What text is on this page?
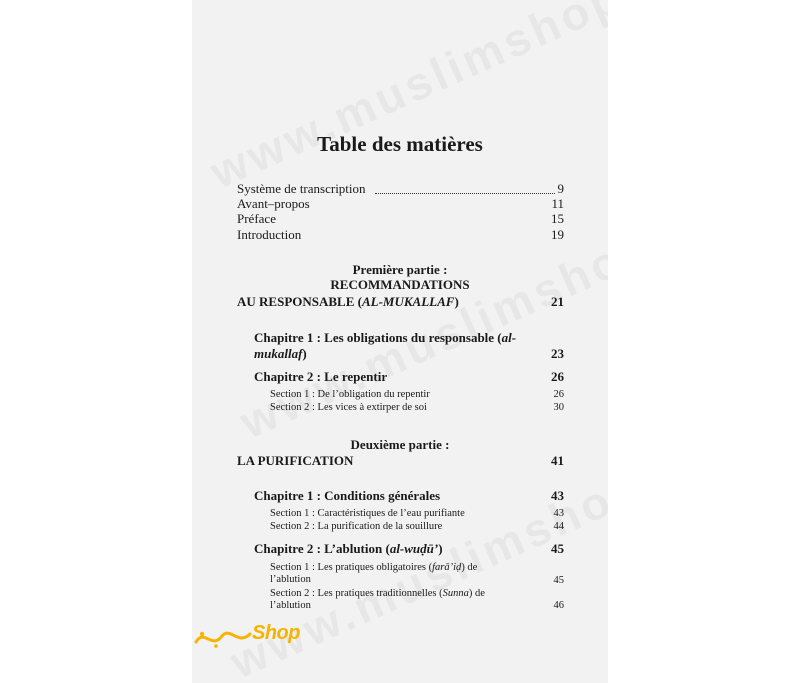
Table des matières
Système de transcription	9
Avant–propos	11
Préface	15
Introduction	19
Première partie :
RECOMMANDATIONS
AU RESPONSABLE (AL-MUKALLAF)	21
Chapitre 1 : Les obligations du responsable (al-
mukallaf)	23
Chapitre 2 : Le repentir	26
Section 1 : De l’obligation du repentir	26
Section 2 : Les vices à extirper de soi	30
Deuxième partie :
LA PURIFICATION	41
Chapitre 1 : Conditions générales	43
Section 1 : Caractéristiques de l’eau purifiante	43
Section 2 : La purification de la souillure	44
Chapitre 2 : L’ablution (al-wuḍū’)	45
Section 1 : Les pratiques obligatoires (farā’iḍ) de
l’ablution	45
Section 2 : Les pratiques traditionnelles (Sunna) de
l’ablution	46
Shop
